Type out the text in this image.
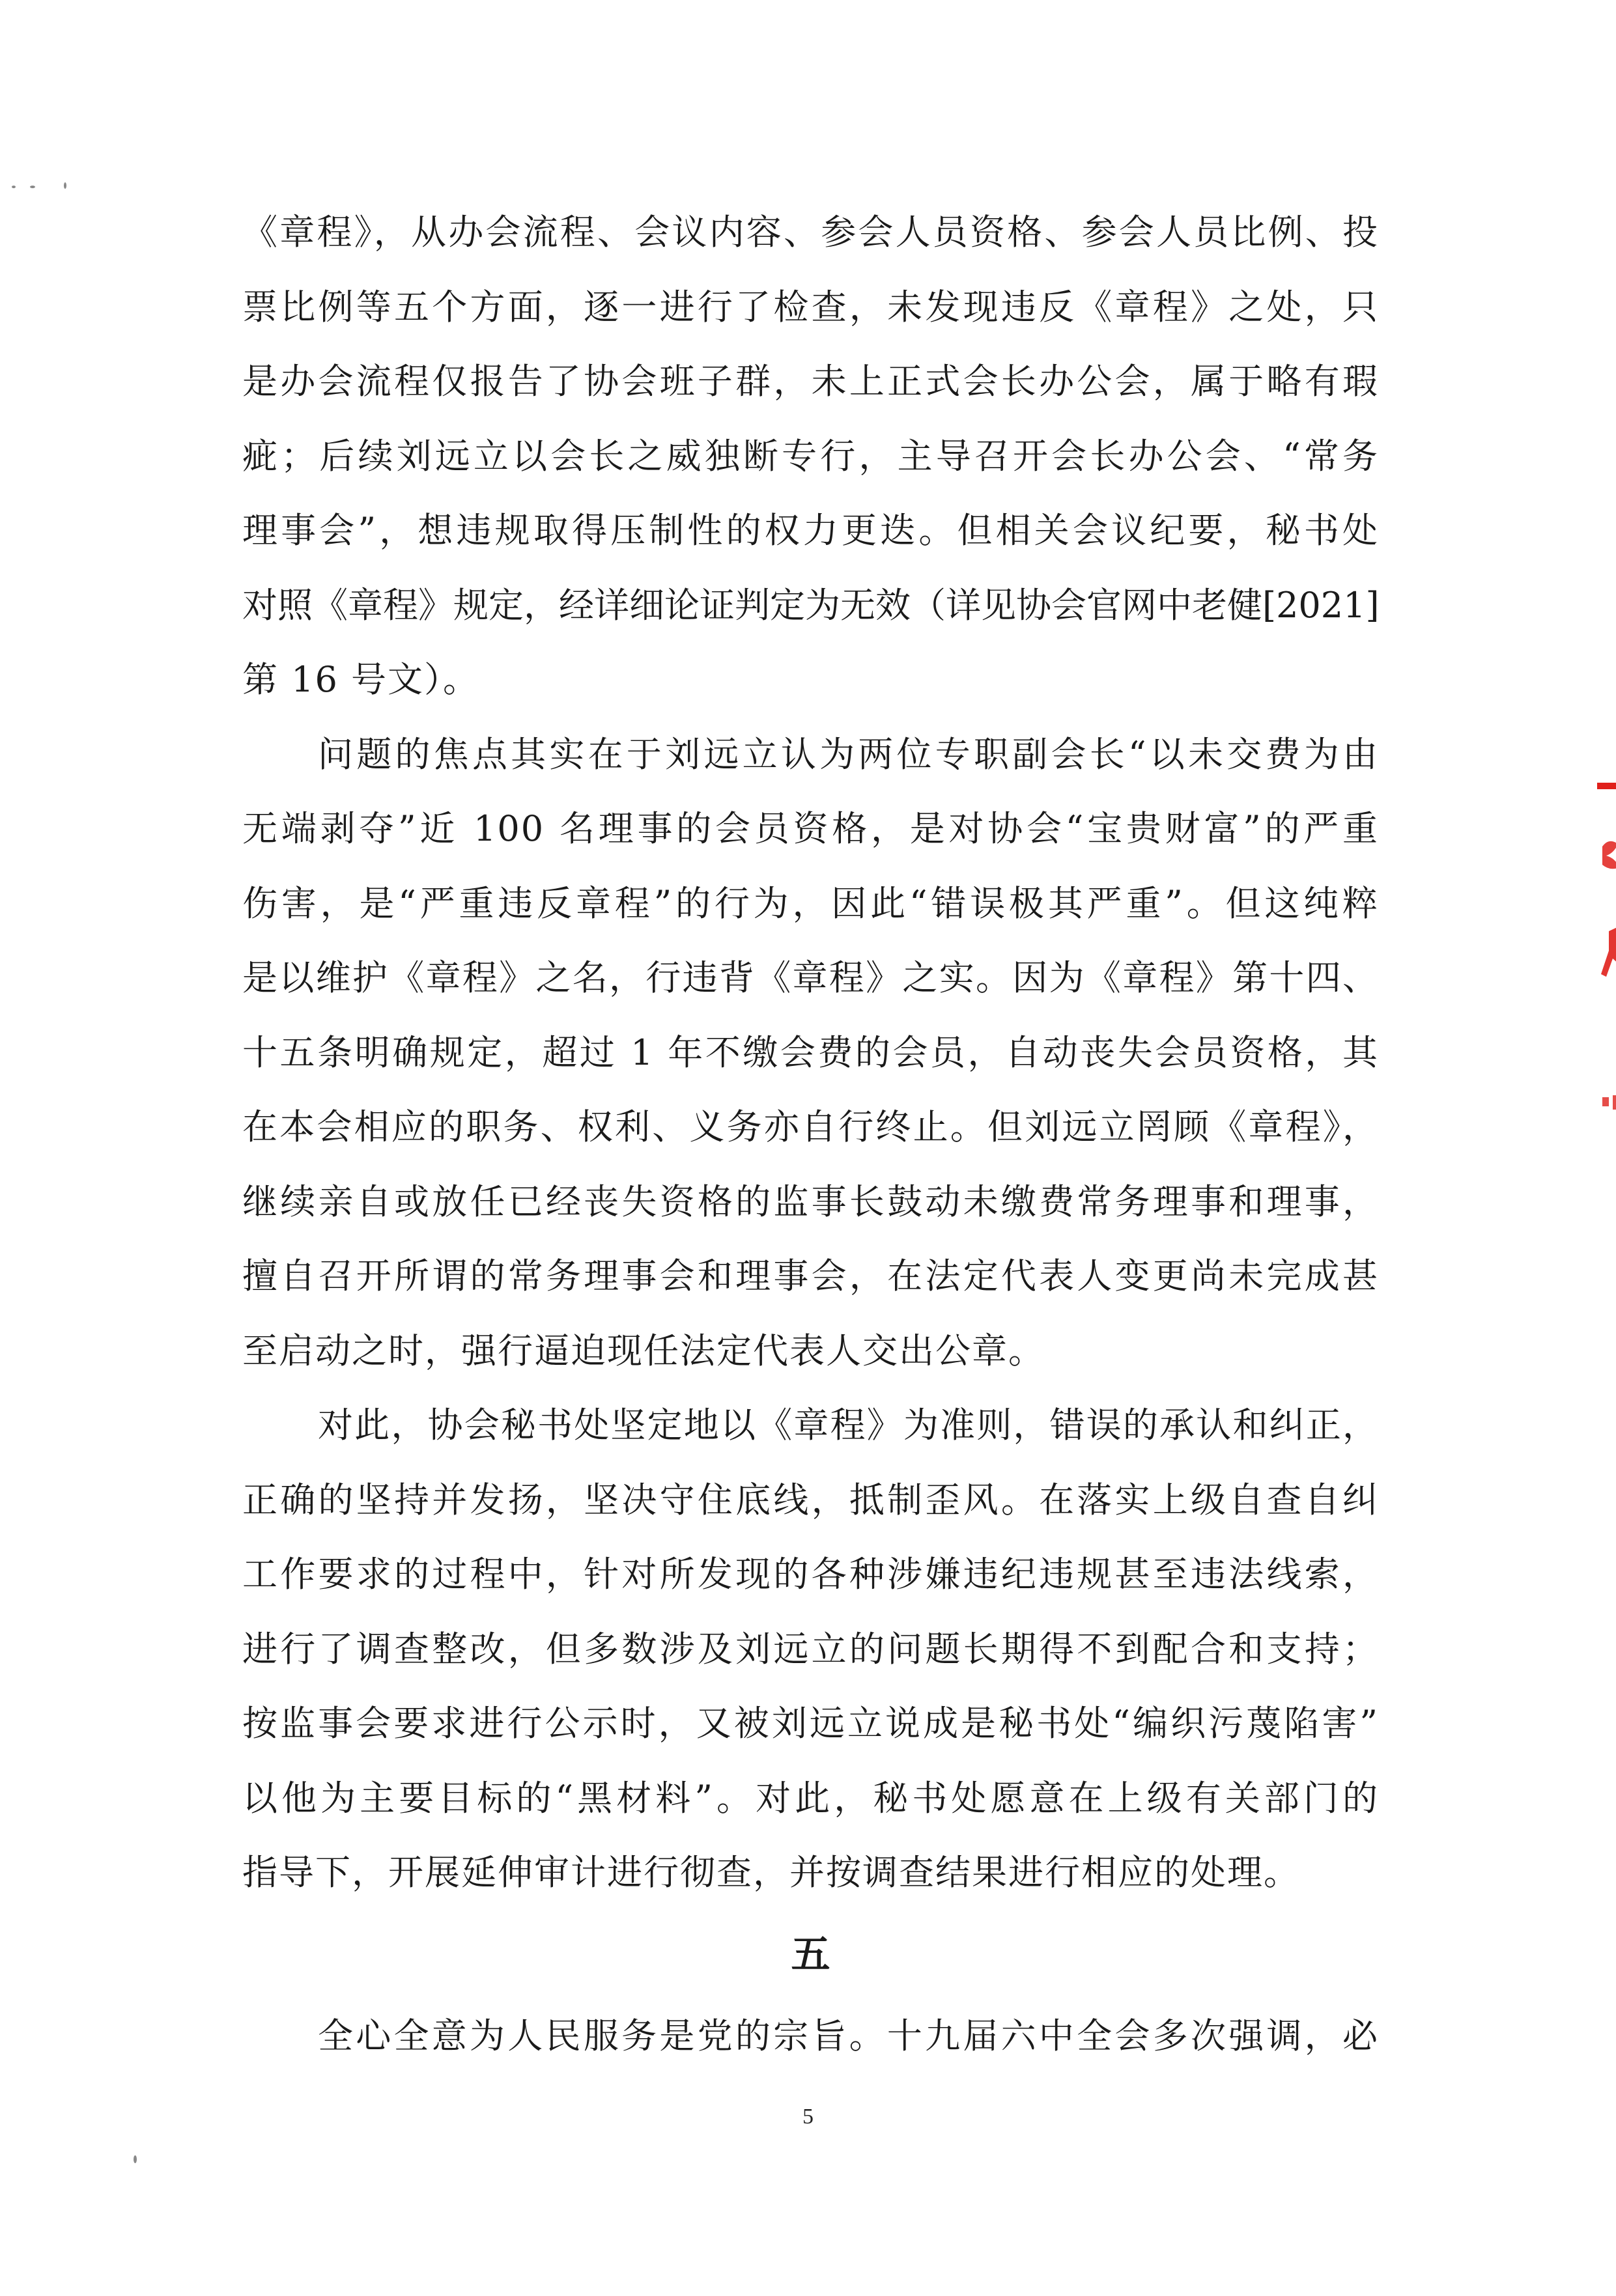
《章程》，从办会流程、会议内容、参会人员资格、参会人员比例、投
票比例等五个方面，逐一进行了检查，未发现违反《章程》之处，只
是办会流程仅报告了协会班子群，未上正式会长办公会，属于略有瑕
疵；后续刘远立以会长之威独断专行，主导召开会长办公会、“常务
理事会”，想违规取得压制性的权力更迭。但相关会议纪要，秘书处
对照《章程》规定，经详细论证判定为无效（详见协会官网中老健[2021]
第 16 号文）。
问题的焦点其实在于刘远立认为两位专职副会长“以未交费为由
无端剥夺”近 100 名理事的会员资格，是对协会“宝贵财富”的严重
伤害，是“严重违反章程”的行为，因此“错误极其严重”。但这纯粹
是以维护《章程》之名，行违背《章程》之实。因为《章程》第十四、
十五条明确规定，超过 1 年不缴会费的会员，自动丧失会员资格，其
在本会相应的职务、权利、义务亦自行终止。但刘远立罔顾《章程》，
继续亲自或放任已经丧失资格的监事长鼓动未缴费常务理事和理事，
擅自召开所谓的常务理事会和理事会，在法定代表人变更尚未完成甚
至启动之时，强行逼迫现任法定代表人交出公章。
对此，协会秘书处坚定地以《章程》为准则，错误的承认和纠正，
正确的坚持并发扬，坚决守住底线，抵制歪风。在落实上级自查自纠
工作要求的过程中，针对所发现的各种涉嫌违纪违规甚至违法线索，
进行了调查整改，但多数涉及刘远立的问题长期得不到配合和支持；
按监事会要求进行公示时，又被刘远立说成是秘书处“编织污蔑陷害”
以他为主要目标的“黑材料”。对此，秘书处愿意在上级有关部门的
指导下，开展延伸审计进行彻查，并按调查结果进行相应的处理。
五
全心全意为人民服务是党的宗旨。十九届六中全会多次强调，必
5
